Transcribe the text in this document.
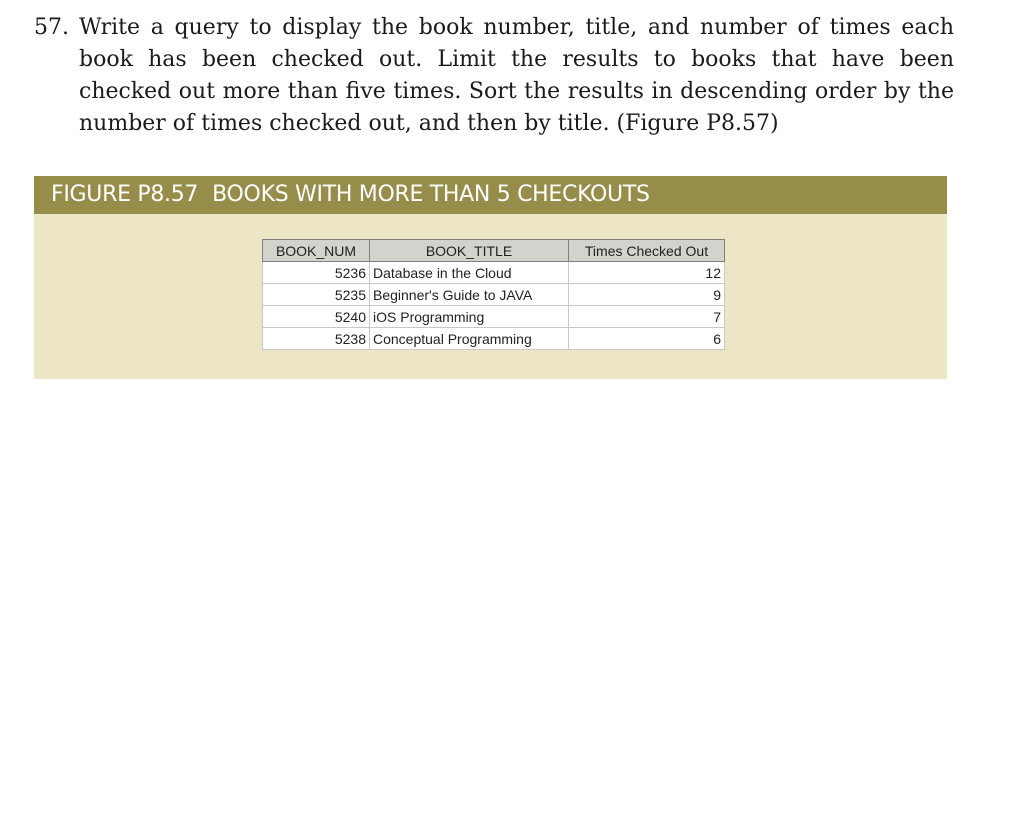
57. Write a query to display the book number, title, and number of times each book has been checked out. Limit the results to books that have been checked out more than five times. Sort the results in descending order by the number of times checked out, and then by title. (Figure P8.57)
FIGURE P8.57 BOOKS WITH MORE THAN 5 CHECKOUTS
BOOK_NUM	BOOK_TITLE	Times Checked Out
5236	Database in the Cloud	12
5235	Beginner's Guide to JAVA	9
5240	iOS Programming	7
5238	Conceptual Programming	6
